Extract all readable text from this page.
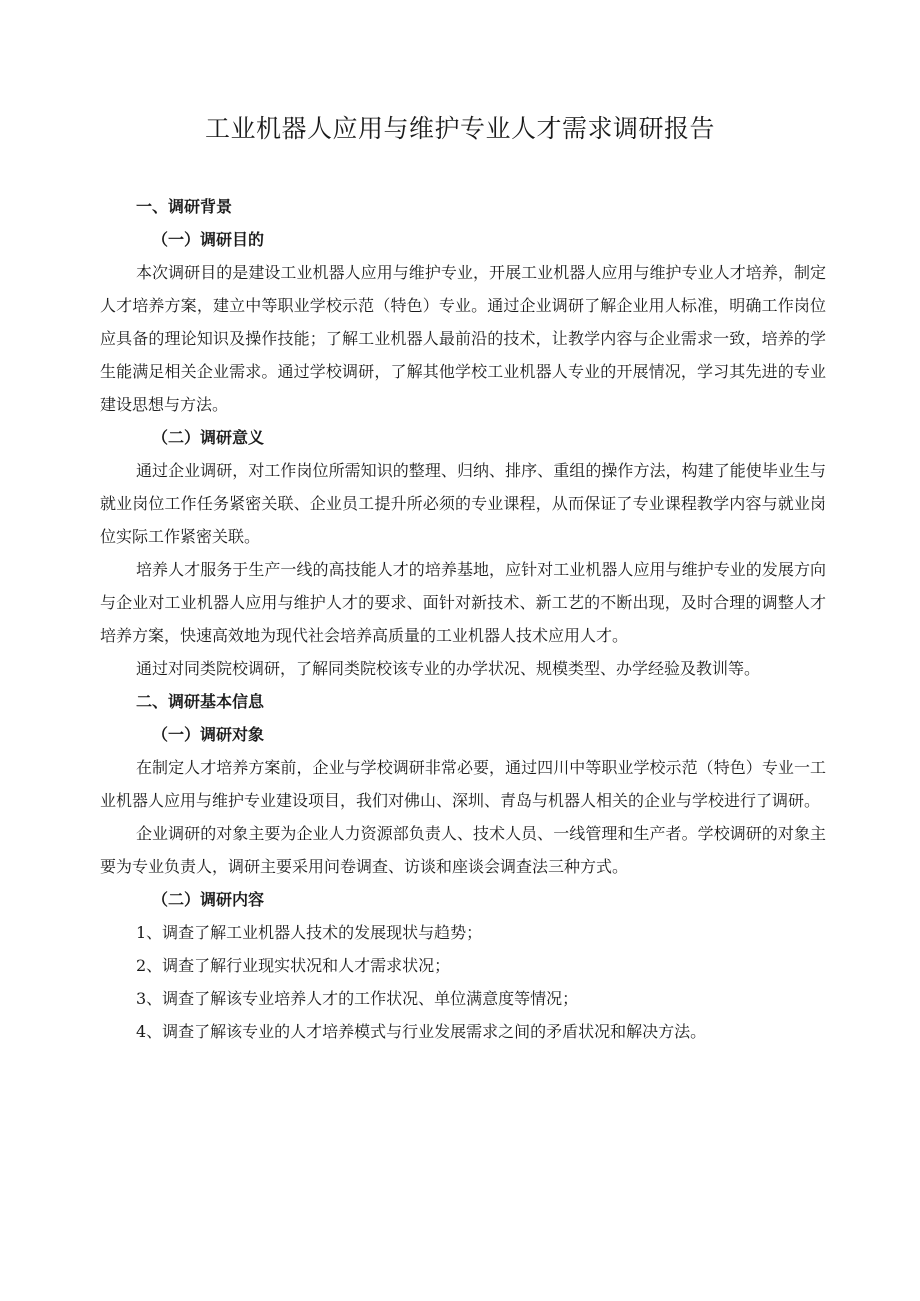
工业机器人应用与维护专业人才需求调研报告

一、调研背景

（一）调研目的

本次调研目的是建设工业机器人应用与维护专业，开展工业机器人应用与维护专业人才培养，制定人才培养方案，建立中等职业学校示范（特色）专业。通过企业调研了解企业用人标准，明确工作岗位应具备的理论知识及操作技能；了解工业机器人最前沿的技术，让教学内容与企业需求一致，培养的学生能满足相关企业需求。通过学校调研，了解其他学校工业机器人专业的开展情况，学习其先进的专业建设思想与方法。

（二）调研意义

通过企业调研，对工作岗位所需知识的整理、归纳、排序、重组的操作方法，构建了能使毕业生与就业岗位工作任务紧密关联、企业员工提升所必须的专业课程，从而保证了专业课程教学内容与就业岗位实际工作紧密关联。

培养人才服务于生产一线的高技能人才的培养基地，应针对工业机器人应用与维护专业的发展方向与企业对工业机器人应用与维护人才的要求、面针对新技术、新工艺的不断出现，及时合理的调整人才培养方案，快速高效地为现代社会培养高质量的工业机器人技术应用人才。

通过对同类院校调研，了解同类院校该专业的办学状况、规模类型、办学经验及教训等。

二、调研基本信息

（一）调研对象

在制定人才培养方案前，企业与学校调研非常必要，通过四川中等职业学校示范（特色）专业一工业机器人应用与维护专业建设项目，我们对佛山、深圳、青岛与机器人相关的企业与学校进行了调研。

企业调研的对象主要为企业人力资源部负责人、技术人员、一线管理和生产者。学校调研的对象主要为专业负责人，调研主要采用问卷调查、访谈和座谈会调查法三种方式。

（二）调研内容

1、调查了解工业机器人技术的发展现状与趋势；

2、调查了解行业现实状况和人才需求状况；

3、调查了解该专业培养人才的工作状况、单位满意度等情况；

4、调查了解该专业的人才培养模式与行业发展需求之间的矛盾状况和解决方法。
